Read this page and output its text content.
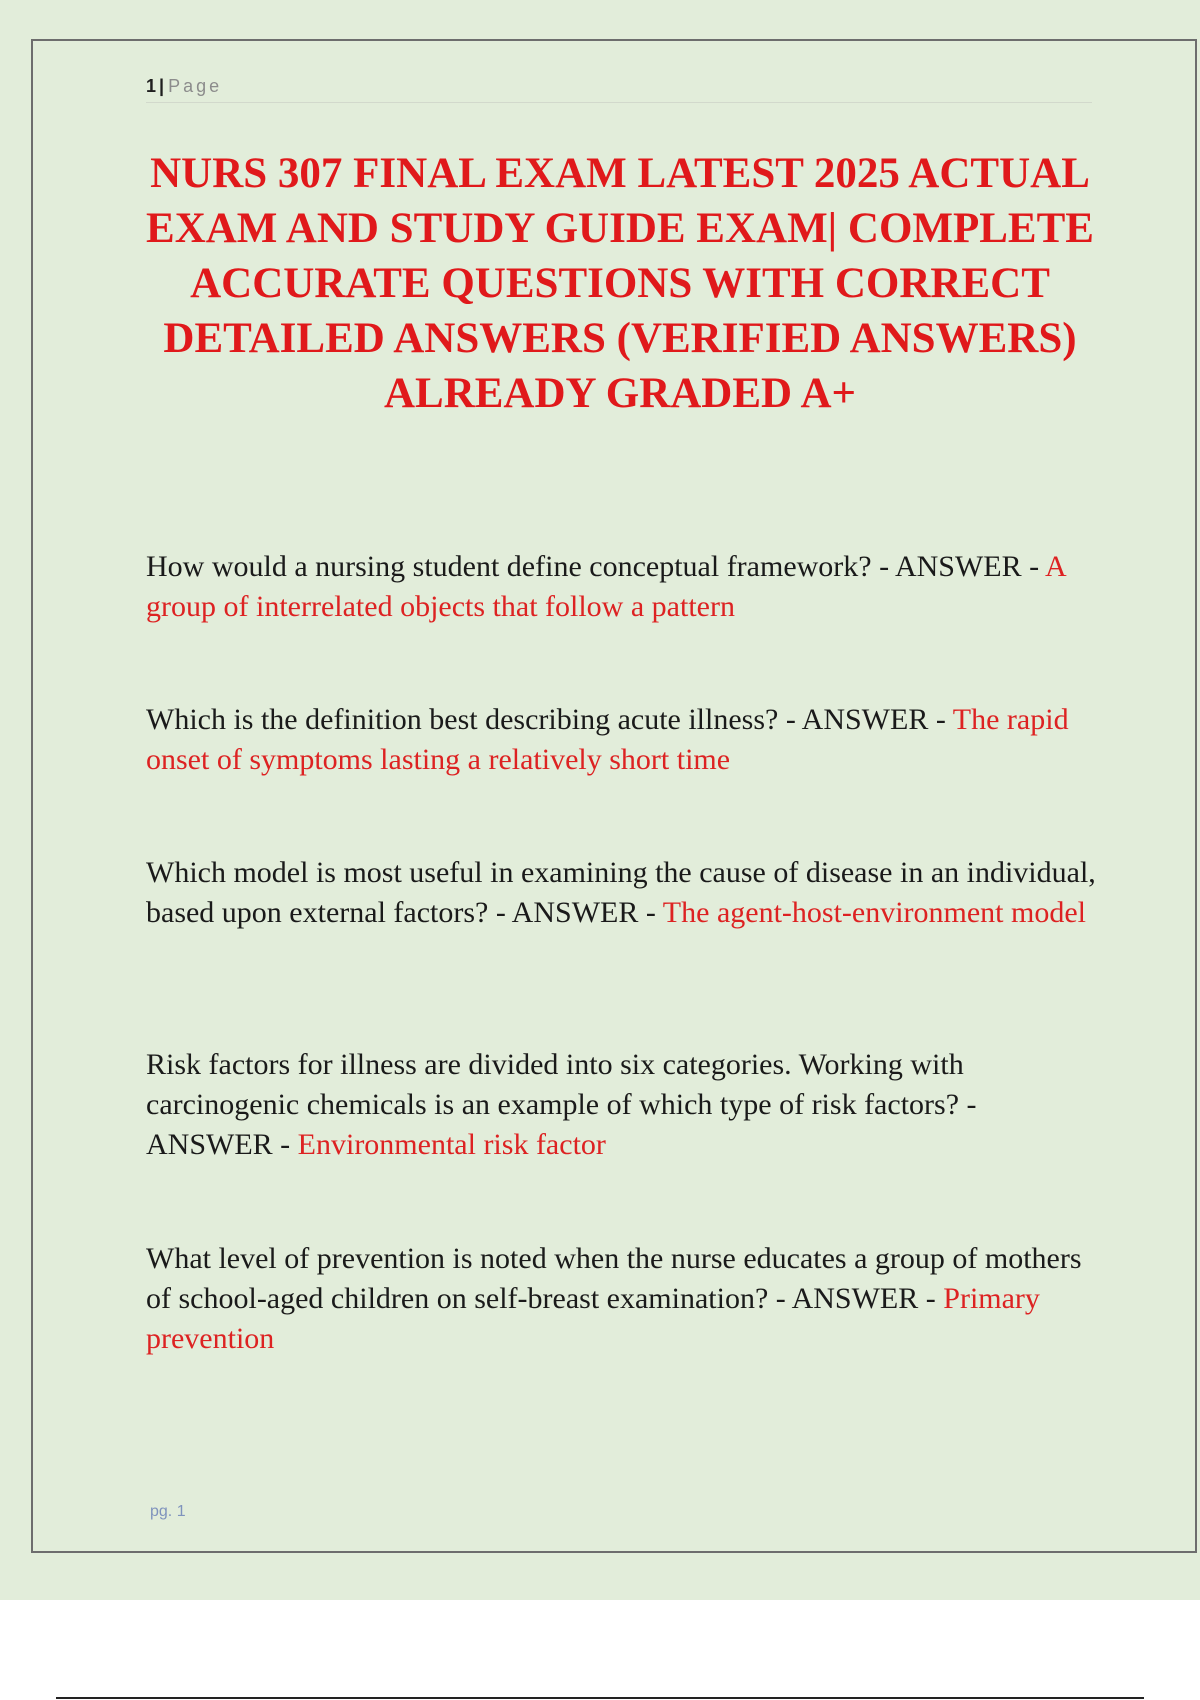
1 | Page
NURS 307 FINAL EXAM LATEST 2025 ACTUAL EXAM AND STUDY GUIDE EXAM| COMPLETE ACCURATE QUESTIONS WITH CORRECT DETAILED ANSWERS (VERIFIED ANSWERS) ALREADY GRADED A+

How would a nursing student define conceptual framework? - ANSWER - A group of interrelated objects that follow a pattern

Which is the definition best describing acute illness? - ANSWER - The rapid onset of symptoms lasting a relatively short time

Which model is most useful in examining the cause of disease in an individual, based upon external factors? - ANSWER - The agent-host-environment model

Risk factors for illness are divided into six categories. Working with carcinogenic chemicals is an example of which type of risk factors? - ANSWER - Environmental risk factor

What level of prevention is noted when the nurse educates a group of mothers of school-aged children on self-breast examination? - ANSWER - Primary prevention

pg. 1
